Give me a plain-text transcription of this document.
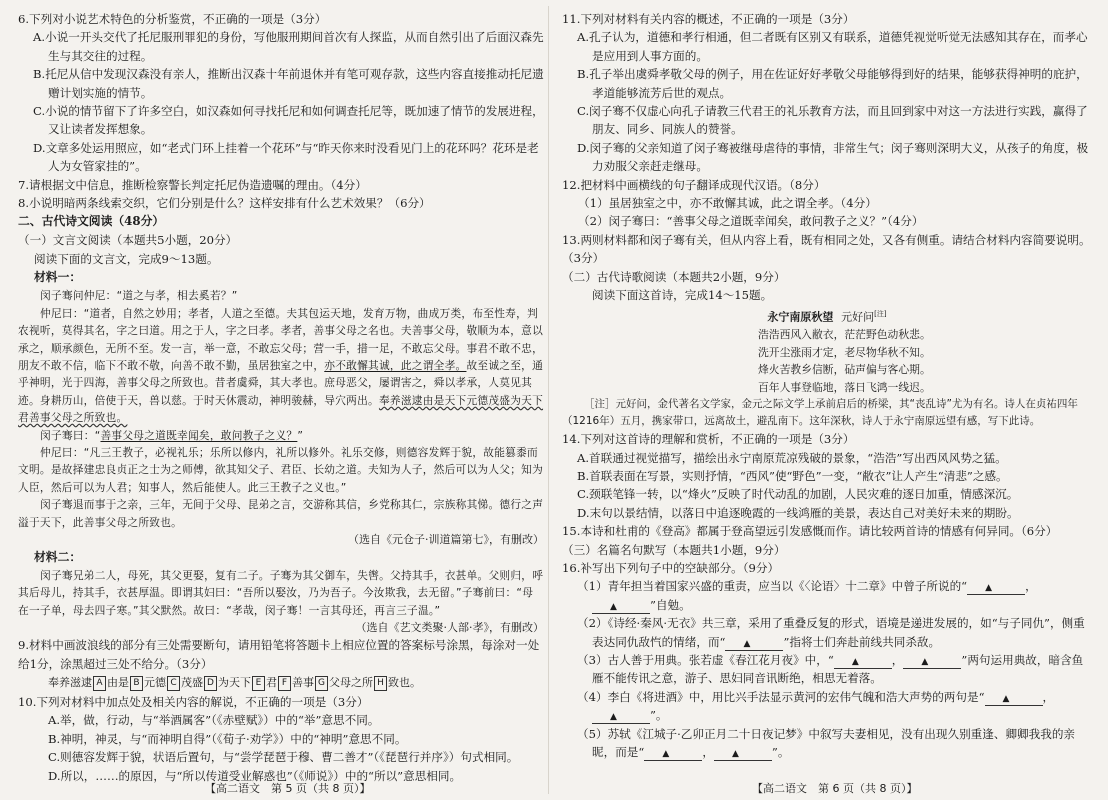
6.下列对小说艺术特色的分析鉴赏，不正确的一项是（3分）

A.小说一开头交代了托尼服刑罪犯的身份，写他服刑期间首次有人探监，从而自然引出了后面汉森先生与其交往的过程。

B.托尼从信中发现汉森没有亲人，推断出汉森十年前退休并有笔可观存款，这些内容直接推动托尼遗赠计划实施的情节。

C.小说的情节留下了许多空白，如汉森如何寻找托尼和如何调查托尼等，既加速了情节的发展进程，又让读者发挥想象。

D.文章多处运用照应，如“老式门环上挂着一个花环”与“昨天你来时没看见门上的花环吗？花环是老人为女管家挂的”。

7.请根据文中信息，推断检察警长判定托尼伪造遗嘱的理由。（4分）

8.小说明暗两条线索交织，它们分别是什么？这样安排有什么艺术效果？（6分）

二、古代诗文阅读（48分）

（一）文言文阅读（本题共5小题，20分）

阅读下面的文言文，完成9～13题。

材料一：

闵子骞问仲尼：“道之与孝，相去奚若？”

仲尼曰：“道者，自然之妙用；孝者，人道之至德。夫其包运天地，发育万物，曲成万类，布至性寿，判农视听，莫得其名，字之曰道。用之于人，字之曰孝。孝者，善事父母之名也。夫善事父母，敬顺为本，意以承之，顺承颜色，无所不至。发一言，举一意，不敢忘父母；营一手，措一足，不敢忘父母。事君不敢不忠，朋友不敢不信，临下不敢不敬，向善不敢不勤，虽居独室之中，亦不敢懈其诚，此之谓全孝。故至诚之至，通乎神明，光于四海，善事父母之所致也。昔者虞舜，其大孝也。庶母恶父，屡谓害之，舜以孝承，人莫见其迹。身耕历山，倍使于天，兽以慈。于时天休震动，神明骏赫，导穴两出。奉养滋逮由是天下元德茂盛为天下君善事父母之所致也。

闵子骞曰：“善事父母之道既幸闻矣，敢问教子之义？”

仲尼曰：“凡三王教子，必视礼乐；乐所以修内，礼所以修外。礼乐交修，则德容发辉于貌，故能篡黍而文明。是故择建忠良贞正之士为之师傅，欲其知父子、君臣、长幼之道。夫知为人子，然后可以为人父；知为人臣，然后可以为人君；知事人，然后能使人。此三王教子之义也。”

闵子骞退而事于之亲，三年，无间于父母、昆弟之言，交游称其信，乡党称其仁，宗族称其悌。德行之声溢于天下，此善事父母之所致也。

（选自《元仓子·训道篇第七》，有删改）

材料二：

闵子骞兄弟二人，母死，其父更娶，复有二子。子骞为其父御车，失辔。父持其手，衣甚单。父则归，呼其后母儿，持其手，衣甚厚温。即谓其妇曰：“吾所以娶汝，乃为吾子。今汝欺我，去无留。”子骞前曰：“母在一子单，母去四子寒。”其父默然。故曰：“孝哉，闵子骞！一言其母还，再言三子温。”

（选自《艺文类聚·人部·孝》，有删改）

9.材料中画波浪线的部分有三处需要断句，请用铅笔将答题卡上相应位置的答案标号涂黑，每涂对一处给1分，涂黑超过三处不给分。（3分）

奉养滋逮 A 由是 B 元德 C 茂盛 D 为天下 E 君 F 善事 G 父母之所 H 致也。

10.下列对材料中加点处及相关内容的解说，不正确的一项是（3分）

A.举，做，行动，与“举酒属客”（《赤壁赋》）中的“举”意思不同。

B.神明，神灵，与“而神明自得”（《荀子·劝学》）中的“神明”意思不同。

C.则德容发辉于貌，状语后置句，与“尝学琵琶于穆、曹二善才”（《琵琶行并序》）句式相同。

D.所以，……的原因，与“所以传道受业解惑也”（《师说》）中的“所以”意思相同。

【高二语文　第 5 页（共 8 页）】

11.下列对材料有关内容的概述，不正确的一项是（3分）

A.孔子认为，道德和孝行相通，但二者既有区别又有联系，道德凭视觉听觉无法感知其存在，而孝心是应用到人事方面的。

B.孔子举出虞舜孝敬父母的例子，用在佐证好好孝敬父母能够得到好的结果，能够获得神明的庇护，孝道能够流芳后世的观点。

C.闵子骞不仅虚心向孔子请教三代君王的礼乐教育方法，而且回到家中对这一方法进行实践，赢得了朋友、同乡、同族人的赞誉。

D.闵子骞的父亲知道了闵子骞被继母虐待的事情，非常生气；闵子骞则深明大义，从孩子的角度，极力劝服父亲赶走继母。

12.把材料中画横线的句子翻译成现代汉语。（8分）

（1）虽居独室之中，亦不敢懈其诚，此之谓全孝。（4分）

（2）闵子骞曰：“善事父母之道既幸闻矣，敢问教子之义？”（4分）

13.两则材料都和闵子骞有关，但从内容上看，既有相同之处，又各有侧重。请结合材料内容简要说明。（3分）

（二）古代诗歌阅读（本题共2小题，9分）

阅读下面这首诗，完成14～15题。

永宁南原秋望 元好问[注]

浩浩西风入敝衣，茫茫野色动秋悲。

洗开尘涨雨才定，老尽物华秋不知。

烽火苦教乡信断，砧声偏与客心期。

百年人事登临地，落日飞鸿一线迟。

［注］元好问，金代著名文学家，金元之际文学上承前启后的桥梁，其“丧乱诗”尤为有名。诗人在贞祐四年（1216年）五月，携家带口，远离故土，避乱南下。这年深秋，诗人于永宁南原远望有感，写下此诗。

14.下列对这首诗的理解和赏析，不正确的一项是（3分）

A.首联通过视觉描写，描绘出永宁南原荒凉残破的景象，“浩浩”写出西风风势之猛。

B.首联表面在写景，实则抒情，“西风”使“野色”一变，“敝衣”让人产生“清悲”之感。

C.颈联笔锋一转，以“烽火”反映了时代动乱的加剧，人民灾难的逐日加重，情感深沉。

D.末句以景结情，以落日中追逐晚霞的一线鸿雁的美景，表达自己对美好未来的期盼。

15.本诗和杜甫的《登高》都属于登高望远引发感慨而作。请比较两首诗的情感有何异同。（6分）

（三）名篇名句默写（本题共1小题，9分）

16.补写出下列句子中的空缺部分。（9分）

（1）青年担当着国家兴盛的重责，应当以《〈论语〉十二章》中曾子所说的“ ▲	，▲	”自勉。

（2）《诗经·秦风·无衣》共三章，采用了重叠反复的形式，语境是递进发展的，如“与子同仇”，侧重表达同仇敌忾的情绪，而“ ▲	”指将士们奔赴前线共同杀敌。

（3）古人善于用典。张若虚《春江花月夜》中，“ ▲	， ▲	”两句运用典故，暗含鱼雁不能传讯之意，游子、思妇同音讯断绝，相思无着落。

（4）李白《将进酒》中，用比兴手法显示黄河的宏伟气魄和浩大声势的两句是“ ▲	，▲	”。

（5）苏轼《江城子·乙卯正月二十日夜记梦》中叙写夫妻相见，没有出现久别重逢、卿卿我我的亲昵，而是“ ▲	， ▲	”。

【高二语文　第 6 页（共 8 页）】
